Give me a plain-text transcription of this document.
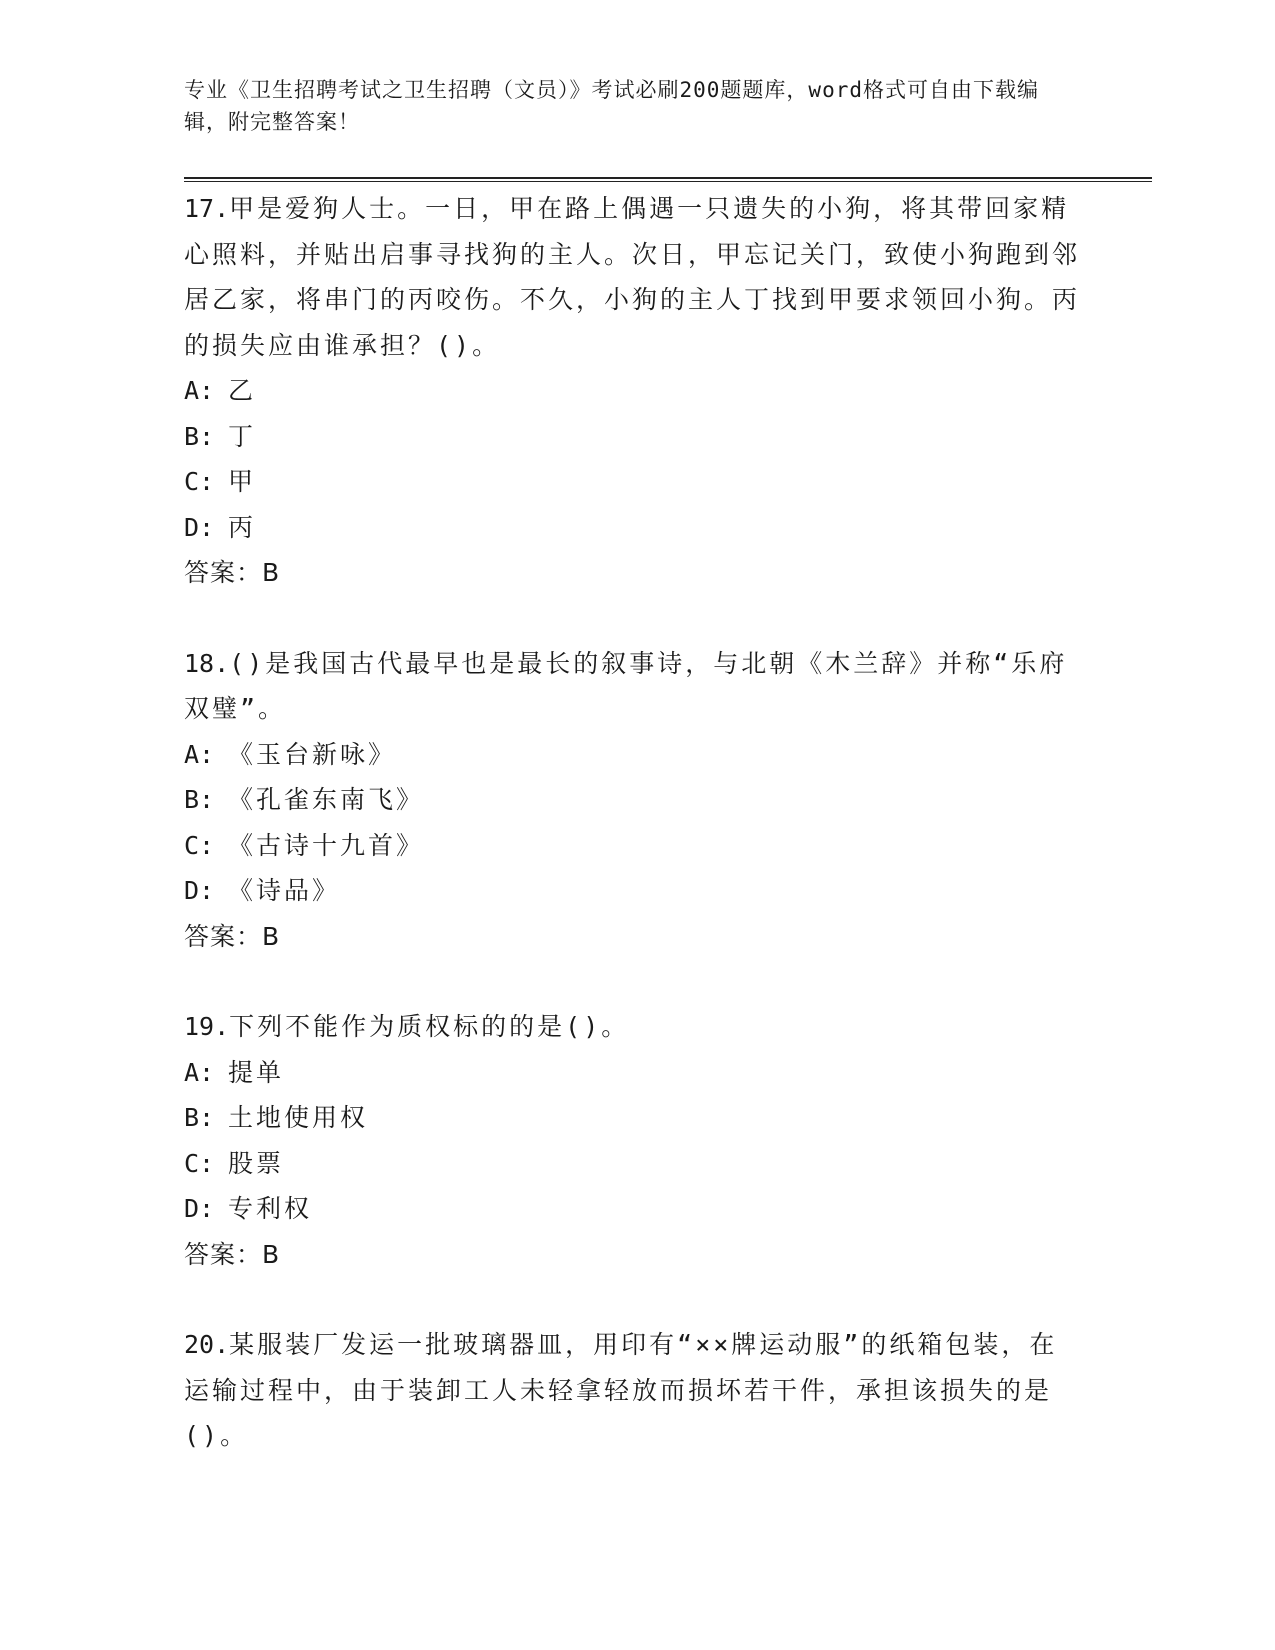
专业《卫生招聘考试之卫生招聘（文员）》考试必刷200题题库，word格式可自由下载编辑，附完整答案！

17.甲是爱狗人士。一日，甲在路上偶遇一只遗失的小狗，将其带回家精心照料，并贴出启事寻找狗的主人。次日，甲忘记关门，致使小狗跑到邻居乙家，将串门的丙咬伤。不久，小狗的主人丁找到甲要求领回小狗。丙的损失应由谁承担？()。

A: 乙

B: 丁

C: 甲

D: 丙

答案：B

18.()是我国古代最早也是最长的叙事诗，与北朝《木兰辞》并称“乐府双璧”。

A: 《玉台新咏》

B: 《孔雀东南飞》

C: 《古诗十九首》

D: 《诗品》

答案：B

19.下列不能作为质权标的的是()。

A: 提单

B: 土地使用权

C: 股票

D: 专利权

答案：B

20.某服装厂发运一批玻璃器皿，用印有“××牌运动服”的纸箱包装，在运输过程中，由于装卸工人未轻拿轻放而损坏若干件，承担该损失的是()。
